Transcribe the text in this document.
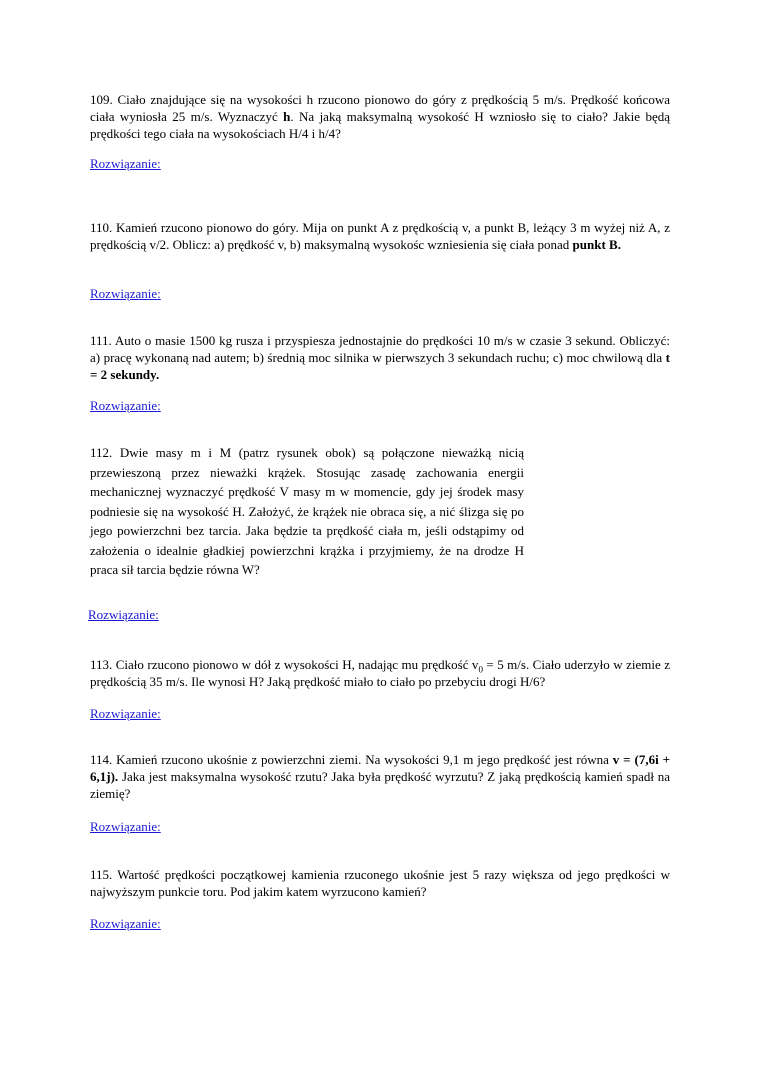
109. Ciało znajdujące się na wysokości h rzucono pionowo do góry z prędkością 5 m/s. Prędkość końcowa ciała wyniosła 25 m/s. Wyznaczyć h. Na jaką maksymalną wysokość H wzniosło się to ciało? Jakie będą prędkości tego ciała na wysokościach H/4 i h/4?

Rozwiązanie:

110. Kamień rzucono pionowo do góry. Mija on punkt A z prędkością v, a punkt B, leżący 3 m wyżej niż A, z prędkością v/2. Oblicz: a) prędkość v, b) maksymalną wysokośc wzniesienia się ciała ponad punkt B.

Rozwiązanie:

111. Auto o masie 1500 kg rusza i przyspiesza jednostajnie do prędkości 10 m/s w czasie 3 sekund. Obliczyć: a) pracę wykonaną nad autem; b) średnią moc silnika w pierwszych 3 sekundach ruchu; c) moc chwilową dla t = 2 sekundy.

Rozwiązanie:

112. Dwie masy m i M (patrz rysunek obok) są połączone nieważką nicią przewieszoną przez nieważki krążek. Stosując zasadę zachowania energii mechanicznej wyznaczyć prędkość V masy m w momencie, gdy jej środek masy podniesie się na wysokość H. Założyć, że krążek nie obraca się, a nić ślizga się po jego powierzchni bez tarcia. Jaka będzie ta prędkość ciała m, jeśli odstąpimy od założenia o idealnie gładkiej powierzchni krążka i przyjmiemy, że na drodze H praca sił tarcia będzie równa W?

Rozwiązanie:

113. Ciało rzucono pionowo w dół z wysokości H, nadając mu prędkość $v_0 = 5$ m/s. Ciało uderzyło w ziemie z prędkością 35 m/s. Ile wynosi H? Jaką prędkość miało to ciało po przebyciu drogi H/6?

Rozwiązanie:

114. Kamień rzucono ukośnie z powierzchni ziemi. Na wysokości 9,1 m jego prędkość jest równa v = (7,6i + 6,1j). Jaka jest maksymalna wysokość rzutu? Jaka była prędkość wyrzutu? Z jaką prędkością kamień spadł na ziemię?

Rozwiązanie:

115. Wartość prędkości początkowej kamienia rzuconego ukośnie jest 5 razy większa od jego prędkości w najwyższym punkcie toru. Pod jakim katem wyrzucono kamień?

Rozwiązanie:
